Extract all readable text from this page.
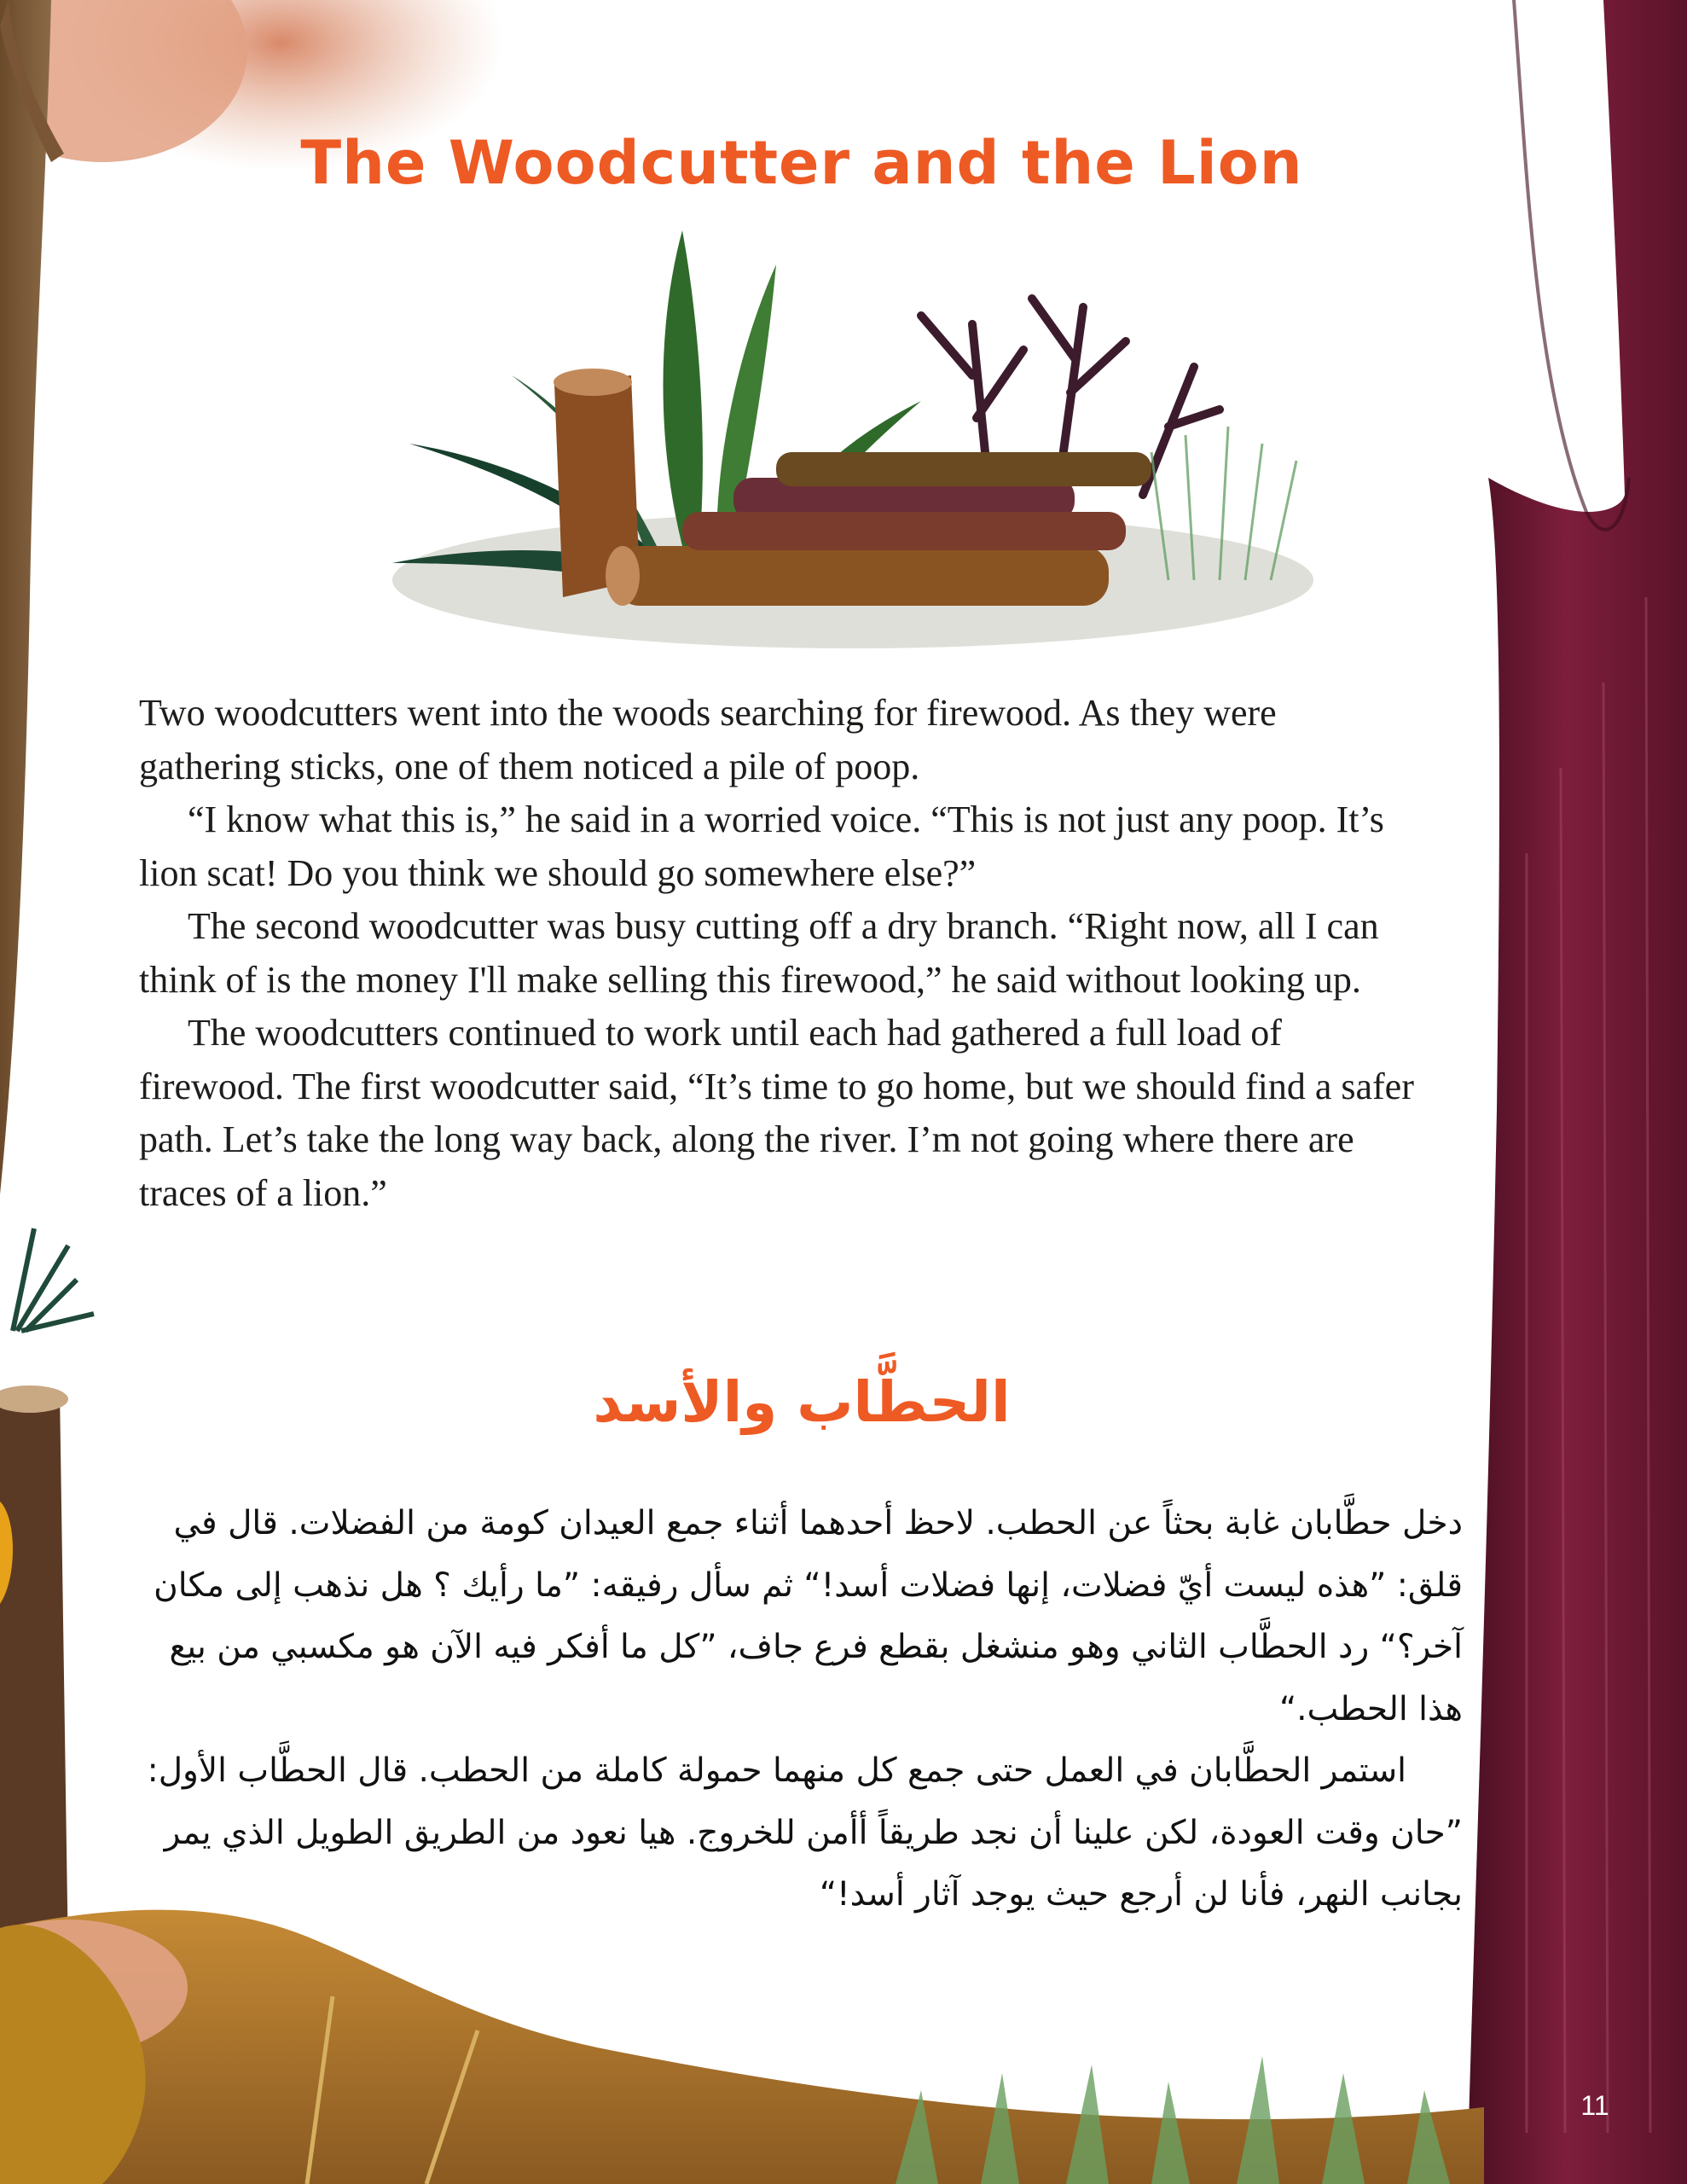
The Woodcutter and the Lion

Two woodcutters went into the woods searching for firewood. As they were gathering sticks, one of them noticed a pile of poop.

“I know what this is,” he said in a worried voice. “This is not just any poop. It’s lion scat! Do you think we should go somewhere else?”

The second woodcutter was busy cutting off a dry branch. “Right now, all I can think of is the money I'll make selling this firewood,” he said without looking up.

The woodcutters continued to work until each had gathered a full load of firewood. The first woodcutter said, “It’s time to go home, but we should find a safer path. Let’s take the long way back, along the river. I’m not going where there are traces of a lion.”

الحطَّاب والأسد

دخل حطَّابان غابة بحثاً عن الحطب. لاحظ أحدهما أثناء جمع العيدان كومة من الفضلات. قال في قلق: ”هذه ليست أيّ فضلات، إنها فضلات أسد!“ ثم سأل رفيقه: ”ما رأيك ؟ هل نذهب إلى مكان آخر؟“ رد الحطَّاب الثاني وهو منشغل بقطع فرع جاف، ”كل ما أفكر فيه الآن هو مكسبي من بيع هذا الحطب.“

استمر الحطَّابان في العمل حتى جمع كل منهما حمولة كاملة من الحطب. قال الحطَّاب الأول: ”حان وقت العودة، لكن علينا أن نجد طريقاً أأمن للخروج. هيا نعود من الطريق الطويل الذي يمر بجانب النهر، فأنا لن أرجع حيث يوجد آثار أسد!“

11
